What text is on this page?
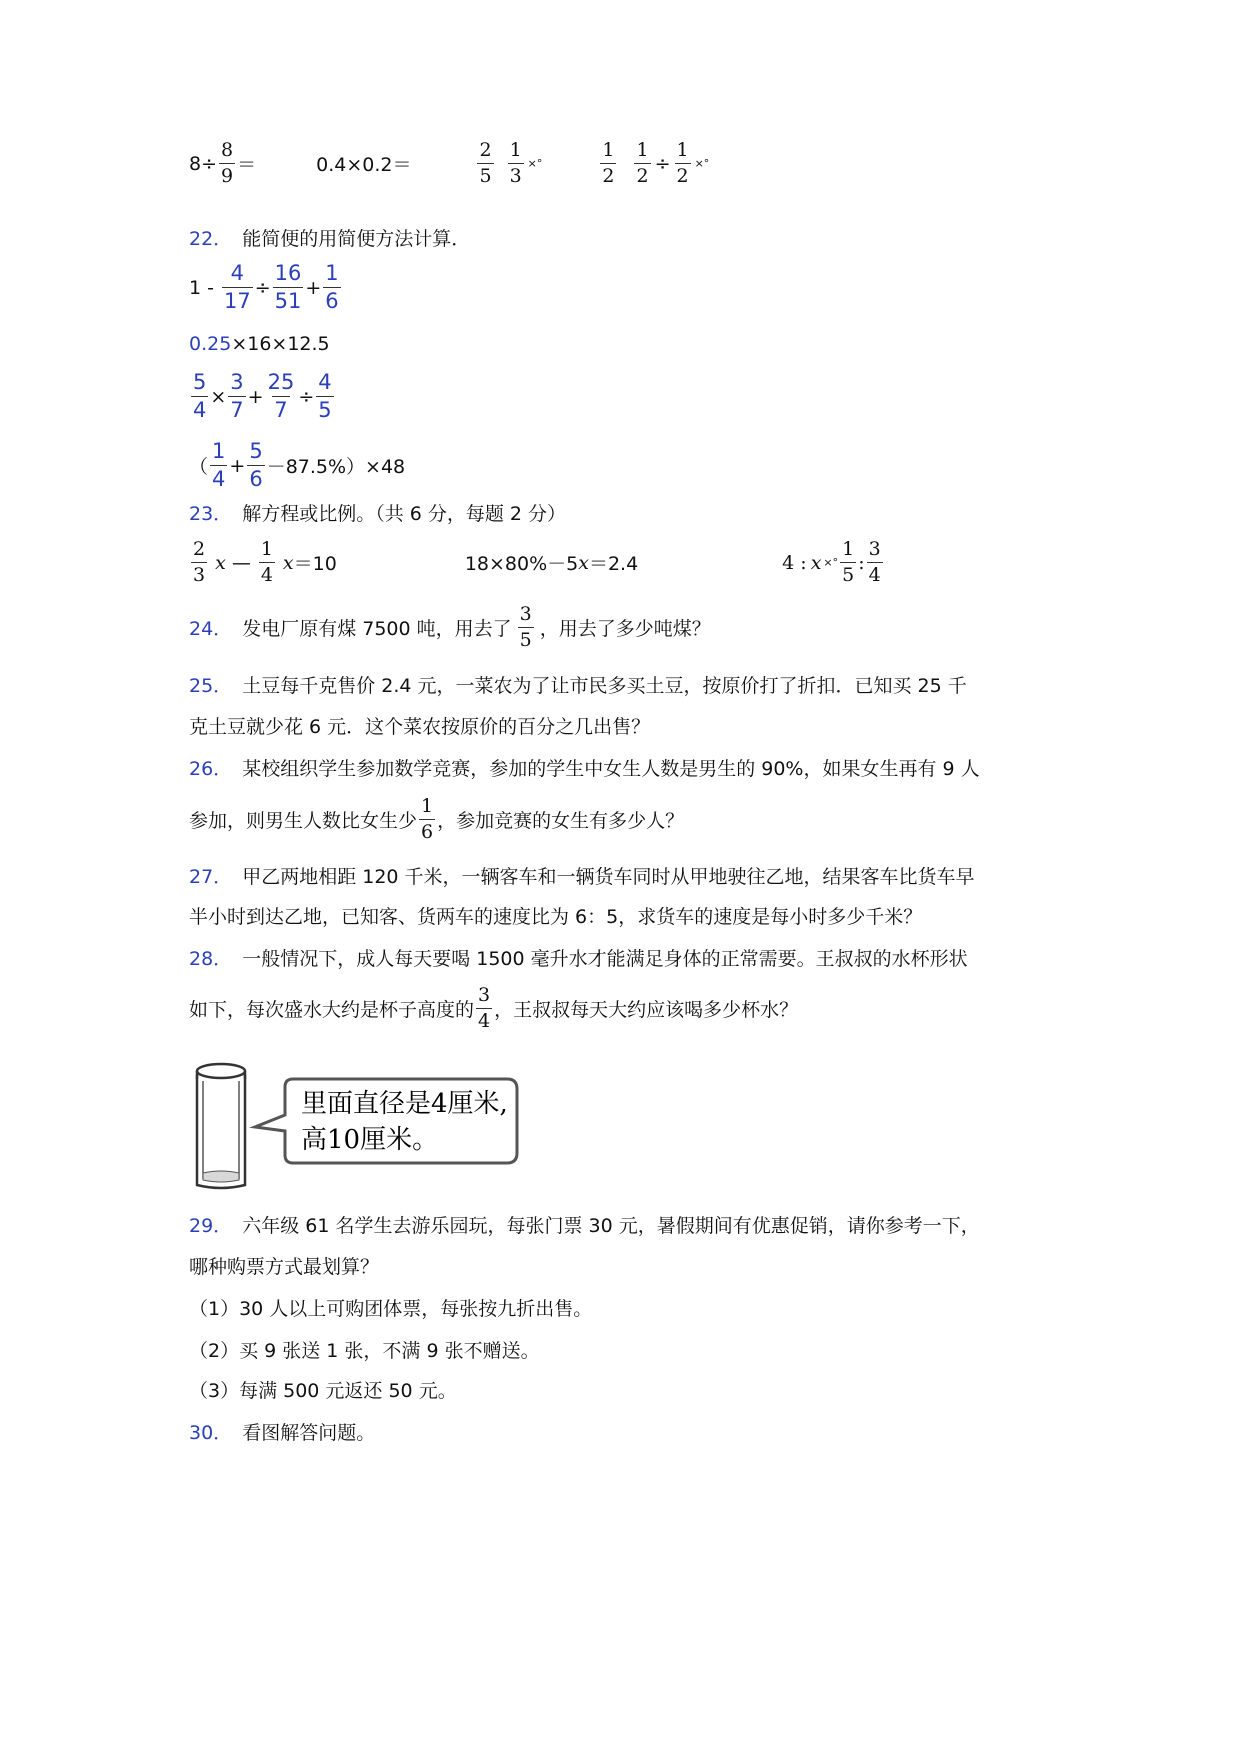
$8\div \frac{8}{9}$ ＝	0.4×0.2＝	$\frac{2}{5} \frac{1}{3}$ ×°	$\frac{1}{2} \frac{1}{2} \div \frac{1}{2}$ ×°
22． 能简便的用简便方法计算．
$1 - \frac{4}{17} \div \frac{16}{51} + \frac{1}{6}$
0.25 ×16×12.5
$\frac{5}{4} \times \frac{3}{7} + \frac{25}{7} \div \frac{4}{5}$
（ $\frac{1}{4} + \frac{5}{6} -87.5\%)\times 48$
23． 解方程或比例。（共 6 分，每题 2 分）
$\frac{2}{3}$ x — $\frac{1}{4}$ x ＝10	18×80%－5 x ＝2.4	4 : x ×° $\frac{1}{5}$ : $\frac{3}{4}$
24． 发电厂原有煤 7500 吨，用去了 $\frac{3}{5}$ ，用去了多少吨煤？
25． 土豆每千克售价 2.4 元，一菜农为了让市民多买土豆，按原价打了折扣．已知买 25 千
克土豆就少花 6 元．这个菜农按原价的百分之几出售？
26． 某校组织学生参加数学竞赛，参加的学生中女生人数是男生的 90%，如果女生再有 9 人
参加，则男生人数比女生少 $\frac{1}{6}$ ，参加竞赛的女生有多少人？
27． 甲乙两地相距 120 千米，一辆客车和一辆货车同时从甲地驶往乙地，结果客车比货车早
半小时到达乙地，已知客、货两车的速度比为 6：5，求货车的速度是每小时多少千米？
28． 一般情况下，成人每天要喝 1500 毫升水才能满足身体的正常需要。王叔叔的水杯形状
如下，每次盛水大约是杯子高度的 $\frac{3}{4}$ ，王叔叔每天大约应该喝多少杯水？
里面直径是4厘米,
高10厘米。
29． 六年级 61 名学生去游乐园玩，每张门票 30 元，暑假期间有优惠促销，请你参考一下，
哪种购票方式最划算？
（1）30 人以上可购团体票，每张按九折出售。
（2）买 9 张送 1 张，不满 9 张不赠送。
（3）每满 500 元返还 50 元。
30． 看图解答问题。
